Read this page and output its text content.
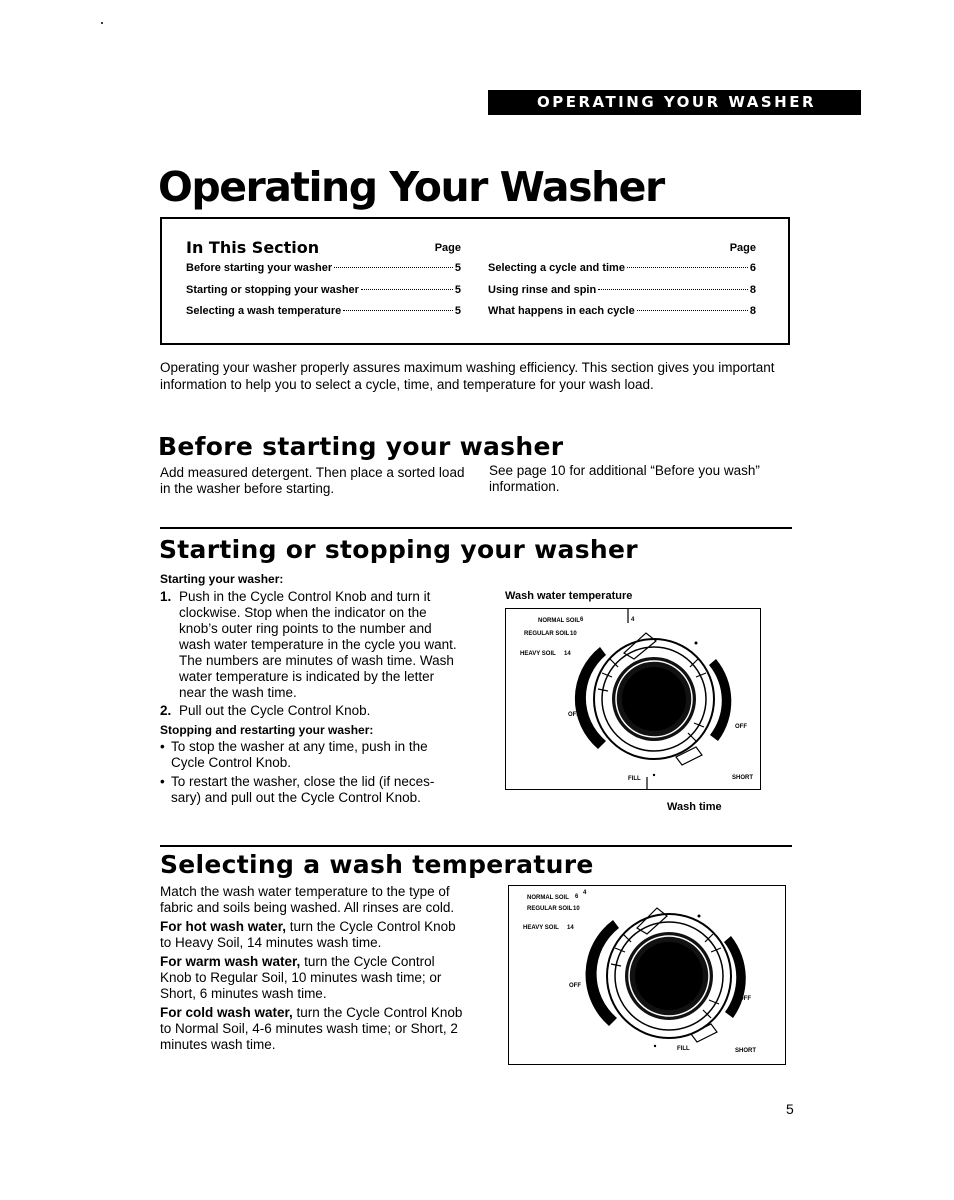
OPERATING YOUR WASHER
Operating Your Washer
In This Section	Page
Before starting your washer	5
Starting or stopping your washer	5
Selecting a wash temperature	5
Page
Selecting a cycle and time	6
Using rinse and spin	8
What happens in each cycle	8
Operating your washer properly assures maximum washing efficiency. This section gives you important information to help you to select a cycle, time, and temperature for your wash load.
Before starting your washer
Add measured detergent. Then place a sorted load in the washer before starting.
See page 10 for additional “Before you wash” information.
Starting or stopping your washer
Starting your washer:
1. Push in the Cycle Control Knob and turn it clockwise. Stop when the indicator on the knob’s outer ring points to the number and wash water temperature in the cycle you want. The numbers are minutes of wash time. Wash water temperature is indicated by the letter near the wash time.
2. Pull out the Cycle Control Knob.
Stopping and restarting your washer:
• To stop the washer at any time, push in the Cycle Control Knob.
• To restart the washer, close the lid (if neces-sary) and pull out the Cycle Control Knob.
Wash water temperature
Wash time
NORMAL SOIL 6	4
REGULAR SOIL 10
HEAVY SOIL 14
OFF
OFF
FILL	SHORT
Selecting a wash temperature
Match the wash water temperature to the type of fabric and soils being washed. All rinses are cold.
For hot wash water, turn the Cycle Control Knob to Heavy Soil, 14 minutes wash time.
For warm wash water, turn the Cycle Control Knob to Regular Soil, 10 minutes wash time; or Short, 6 minutes wash time.
For cold wash water, turn the Cycle Control Knob to Normal Soil, 4-6 minutes wash time; or Short, 2 minutes wash time.
NORMAL SOIL 6
4
REGULAR SOIL 10
HEAVY SOIL 14
OFF
OFF
FILL	SHORT
5
